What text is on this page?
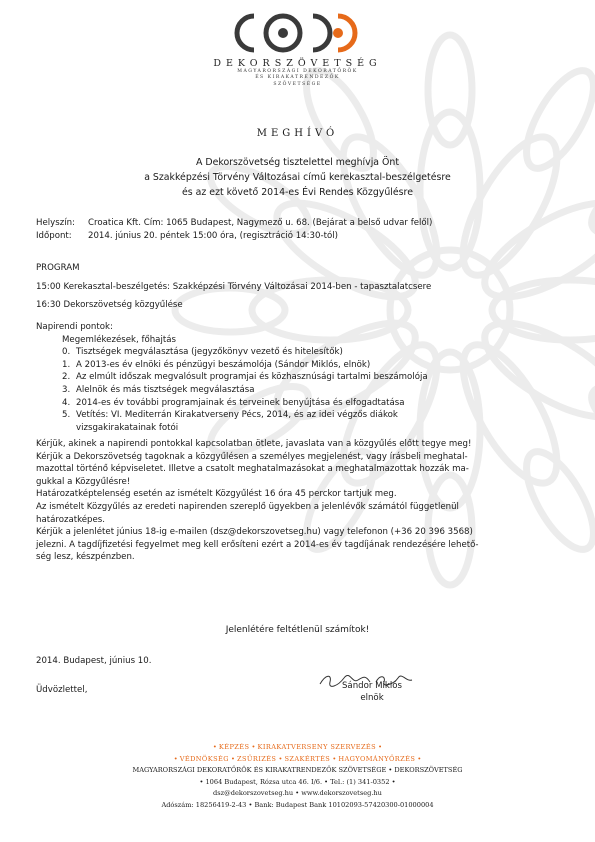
DEKORSZÖVETSÉG
MAGYARORSZÁGI DEKORATŐRÖK
ÉS KIRAKATRENDEZŐK
SZÖVETSÉGE
MEGHÍVÓ
A Dekorszövetség tisztelettel meghívja Önt
a Szakképzési Törvény Változásai című kerekasztal-beszélgetésre
és az ezt követő 2014-es Évi Rendes Közgyűlésre
Helyszín:	Croatica Kft. Cím: 1065 Budapest, Nagymező u. 68. (Bejárat a belső udvar felől)
Időpont:	2014. június 20. péntek 15:00 óra, (regisztráció 14:30-tól)
PROGRAM
15:00 Kerekasztal-beszélgetés: Szakképzési Törvény Változásai 2014-ben - tapasztalatcsere
16:30 Dekorszövetség közgyűlése
Napirendi pontok:
Megemlékezések, főhajtás
0. Tisztségek megválasztása (jegyzőkönyv vezető és hitelesítők)
1. A 2013-es év elnöki és pénzügyi beszámolója (Sándor Miklós, elnök)
2. Az elmúlt időszak megvalósult programjai és közhasznúsági tartalmi beszámolója
3. Alelnök és más tisztségek megválasztása
4. 2014-es év további programjainak és terveinek benyújtása és elfogadtatása
5. Vetítés: VI. Mediterrán Kirakatverseny Pécs, 2014, és az idei végzős diákok
vizsgakirakatainak fotói
Kérjük, akinek a napirendi pontokkal kapcsolatban ötlete, javaslata van a közgyűlés előtt tegye meg!
Kérjük a Dekorszövetség tagoknak a közgyűlésen a személyes megjelenést, vagy írásbeli meghatal-
mazottal történő képviseletet. Illetve a csatolt meghatalmazásokat a meghatalmazottak hozzák ma-
gukkal a Közgyűlésre!
Határozatképtelenség esetén az ismételt Közgyűlést 16 óra 45 perckor tartjuk meg.
Az ismételt Közgyűlés az eredeti napirenden szereplő ügyekben a jelenlévők számától függetlenül
határozatképes.
Kérjük a jelenlétet június 18-ig e-mailen (dsz@dekorszovetseg.hu) vagy telefonon (+36 20 396 3568)
jelezni. A tagdíjfizetési fegyelmet meg kell erősíteni ezért a 2014-es év tagdíjának rendezésére lehető-
ség lesz, készpénzben.
Jelenlétére feltétlenül számítok!
2014. Budapest, június 10.
Üdvözlettel,	Sándor Miklós
elnök
• KÉPZÉS • KIRAKATVERSENY SZERVEZÉS •
• VÉDNÖKSÉG • ZSŰRIZÉS • SZAKÉRTÉS • HAGYOMÁNYŐRZÉS •
MAGYARORSZÁGI DEKORATŐRÖK ÉS KIRAKATRENDEZŐK SZÖVETSÉGE • DEKORSZÖVETSÉG
• 1064 Budapest, Rózsa utca 46. I/6. • Tel.: (1) 341-0352 •
dsz@dekorszovetseg.hu • www.dekorszovetseg.hu
Adószám: 18256419-2-43 • Bank: Budapest Bank 10102093-57420300-01000004
